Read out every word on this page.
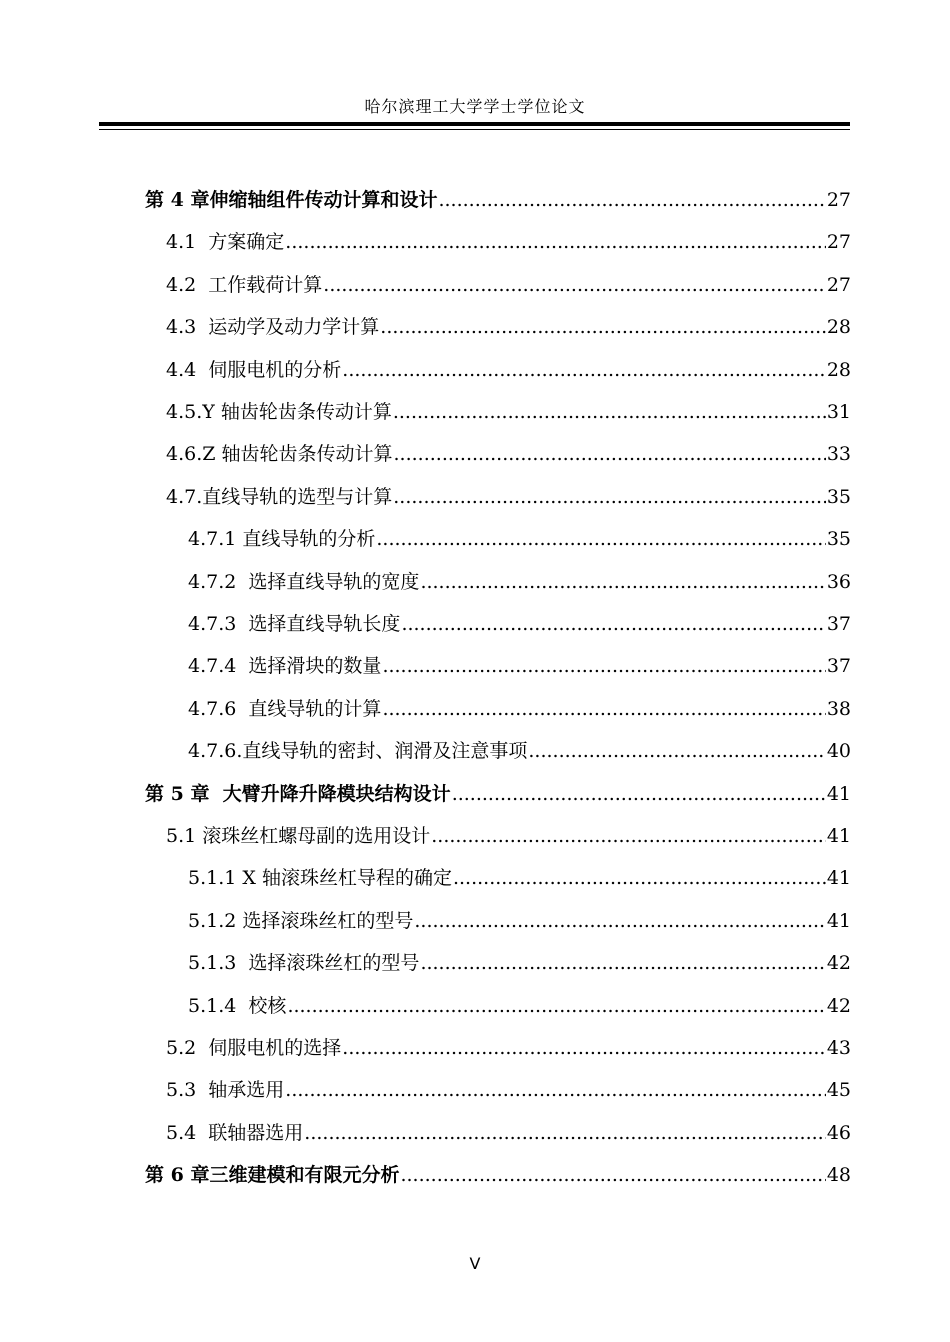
哈尔滨理工大学学士学位论文
第 4 章伸缩轴组件传动计算和设计 .....	27
4.1  方案确定 .....	27
4.2  工作载荷计算 .....	27
4.3  运动学及动力学计算 .....	28
4.4  伺服电机的分析 .....	28
4.5.Y 轴齿轮齿条传动计算 .....	31
4.6.Z 轴齿轮齿条传动计算 .....	33
4.7.直线导轨的选型与计算 .....	35
4.7.1 直线导轨的分析 .....	35
4.7.2  选择直线导轨的宽度 .....	36
4.7.3  选择直线导轨长度 .....	37
4.7.4  选择滑块的数量 .....	37
4.7.6  直线导轨的计算 .....	38
4.7.6.直线导轨的密封、润滑及注意事项 .....	40
第 5 章  大臂升降升降模块结构设计 .....	41
5.1 滚珠丝杠螺母副的选用设计 .....	41
5.1.1 X 轴滚珠丝杠导程的确定 .....	41
5.1.2 选择滚珠丝杠的型号 .....	41
5.1.3  选择滚珠丝杠的型号 .....	42
5.1.4  校核 .....	42
5.2  伺服电机的选择 .....	43
5.3  轴承选用 .....	45
5.4  联轴器选用 .....	46
第 6 章三维建模和有限元分析 .....	48
V
